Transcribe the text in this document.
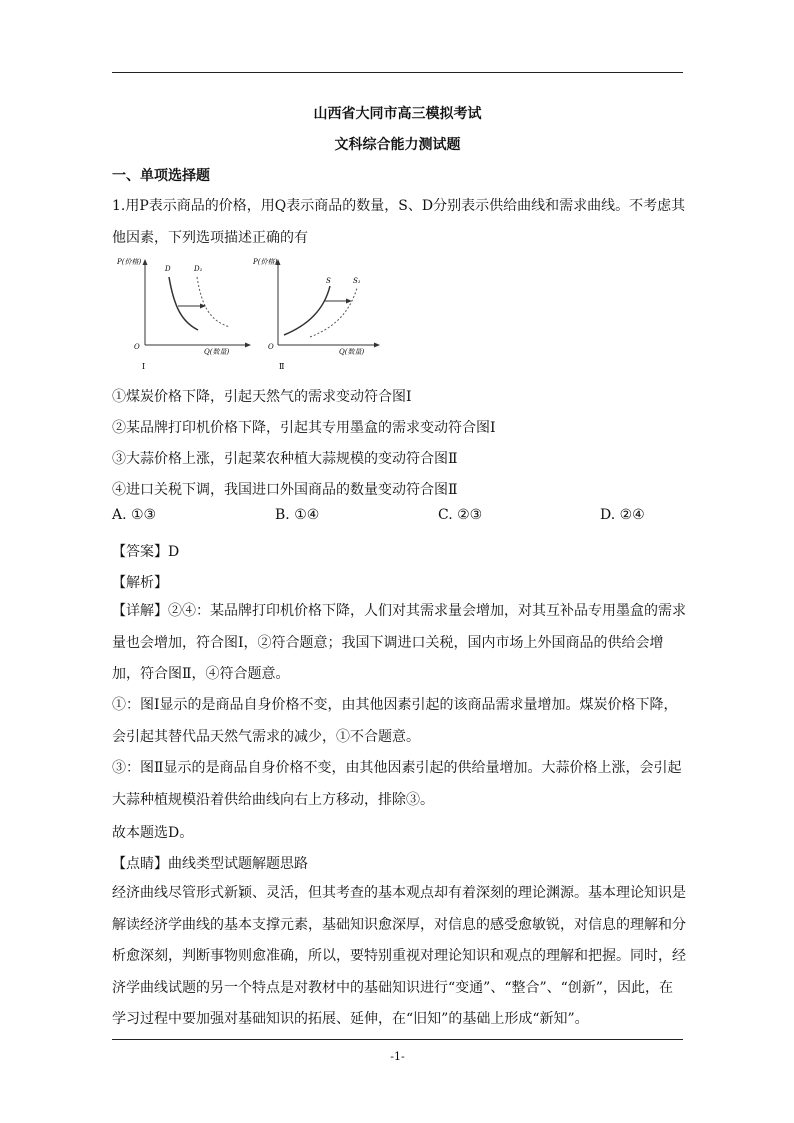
山西省大同市高三模拟考试
文科综合能力测试题
一、单项选择题
1.用P表示商品的价格，用Q表示商品的数量，S、D分别表示供给曲线和需求曲线。不考虑其他因素，下列选项描述正确的有
P(价格)
O
Q(数量)
D	D₁
Ⅰ
P(价格)
O
Q(数量)
S	S₁
Ⅱ
①煤炭价格下降，引起天然气的需求变动符合图Ⅰ
②某品牌打印机价格下降，引起其专用墨盒的需求变动符合图Ⅰ
③大蒜价格上涨，引起菜农种植大蒜规模的变动符合图Ⅱ
④进口关税下调，我国进口外国商品的数量变动符合图Ⅱ
A. ①③	B. ①④	C. ②③	D. ②④
【答案】D
【解析】
【详解】②④：某品牌打印机价格下降，人们对其需求量会增加，对其互补品专用墨盒的需求量也会增加，符合图Ⅰ，②符合题意；我国下调进口关税，国内市场上外国商品的供给会增加，符合图Ⅱ，④符合题意。
①：图Ⅰ显示的是商品自身价格不变，由其他因素引起的该商品需求量增加。煤炭价格下降，会引起其替代品天然气需求的减少，①不合题意。
③：图Ⅱ显示的是商品自身价格不变，由其他因素引起的供给量增加。大蒜价格上涨，会引起大蒜种植规模沿着供给曲线向右上方移动，排除③。
故本题选D。
【点睛】曲线类型试题解题思路
经济曲线尽管形式新颖、灵活，但其考查的基本观点却有着深刻的理论渊源。基本理论知识是解读经济学曲线的基本支撑元素，基础知识愈深厚，对信息的感受愈敏锐，对信息的理解和分析愈深刻，判断事物则愈准确，所以，要特别重视对理论知识和观点的理解和把握。同时，经济学曲线试题的另一个特点是对教材中的基础知识进行“变通”、“整合”、“创新”，因此，在学习过程中要加强对基础知识的拓展、延伸，在“旧知”的基础上形成“新知”。
-1-
